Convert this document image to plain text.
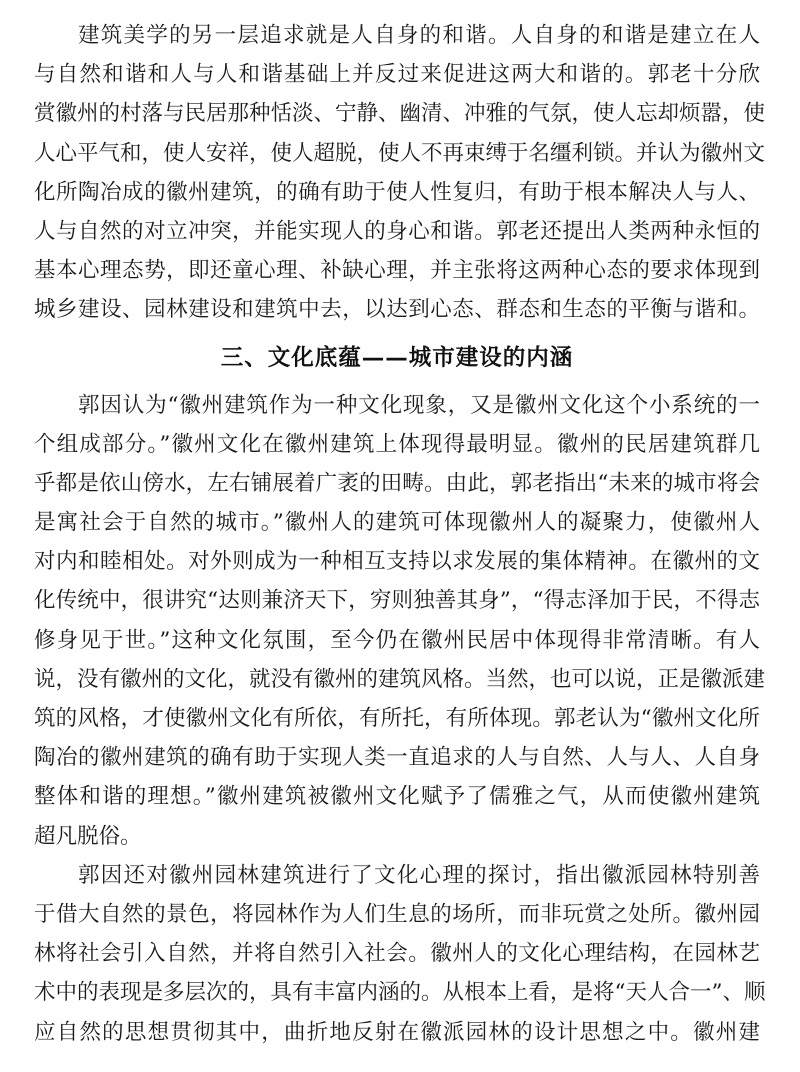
建筑美学的另一层追求就是人自身的和谐。人自身的和谐是建立在人
与自然和谐和人与人和谐基础上并反过来促进这两大和谐的。郭老十分欣
赏徽州的村落与民居那种恬淡、宁静、幽清、冲雅的气氛，使人忘却烦嚣，使
人心平气和，使人安祥，使人超脱，使人不再束缚于名缰利锁。并认为徽州文
化所陶冶成的徽州建筑，的确有助于使人性复归，有助于根本解决人与人、
人与自然的对立冲突，并能实现人的身心和谐。郭老还提出人类两种永恒的
基本心理态势，即还童心理、补缺心理，并主张将这两种心态的要求体现到
城乡建设、园林建设和建筑中去，以达到心态、群态和生态的平衡与谐和。
三、文化底蕴——城市建设的内涵
郭因认为“徽州建筑作为一种文化现象，又是徽州文化这个小系统的一
个组成部分。”徽州文化在徽州建筑上体现得最明显。徽州的民居建筑群几
乎都是依山傍水，左右铺展着广袤的田畴。由此，郭老指出“未来的城市将会
是寓社会于自然的城市。”徽州人的建筑可体现徽州人的凝聚力，使徽州人
对内和睦相处。对外则成为一种相互支持以求发展的集体精神。在徽州的文
化传统中，很讲究“达则兼济天下，穷则独善其身”，“得志泽加于民，不得志
修身见于世。”这种文化氛围，至今仍在徽州民居中体现得非常清晰。有人
说，没有徽州的文化，就没有徽州的建筑风格。当然，也可以说，正是徽派建
筑的风格，才使徽州文化有所依，有所托，有所体现。郭老认为“徽州文化所
陶冶的徽州建筑的确有助于实现人类一直追求的人与自然、人与人、人自身
整体和谐的理想。”徽州建筑被徽州文化赋予了儒雅之气，从而使徽州建筑
超凡脱俗。
郭因还对徽州园林建筑进行了文化心理的探讨，指出徽派园林特别善
于借大自然的景色，将园林作为人们生息的场所，而非玩赏之处所。徽州园
林将社会引入自然，并将自然引入社会。徽州人的文化心理结构，在园林艺
术中的表现是多层次的，具有丰富内涵的。从根本上看，是将“天人合一”、顺
应自然的思想贯彻其中，曲折地反射在徽派园林的设计思想之中。徽州建
